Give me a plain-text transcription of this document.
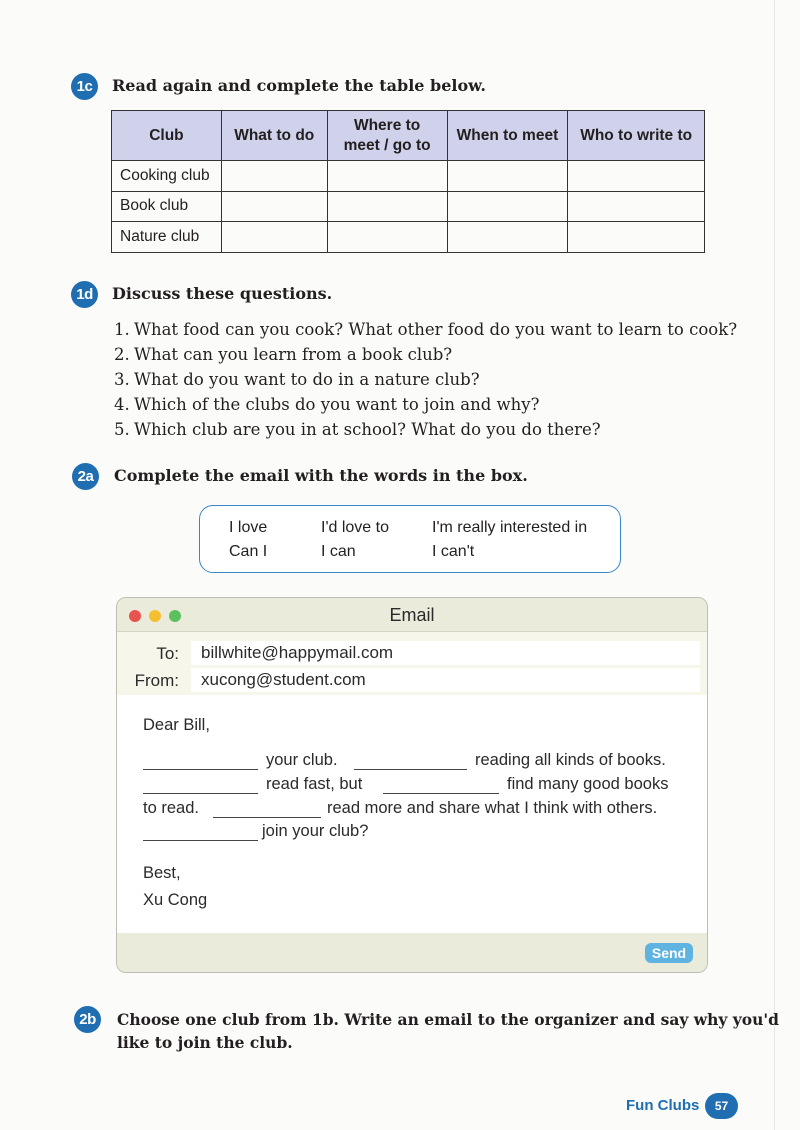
1c	Read again and complete the table below.
Club	What to do	Where to meet / go to	When to meet	Who to write to
Cooking club				
Book club				
Nature club				
1d	Discuss these questions.
1. What food can you cook? What other food do you want to learn to cook?
2. What can you learn from a book club?
3. What do you want to do in a nature club?
4. Which of the clubs do you want to join and why?
5. Which club are you in at school? What do you do there?
2a	Complete the email with the words in the box.
I love	I'd love to	I'm really interested in
Can I	I can	I can't
Email
To:	billwhite@happymail.com
From:	xucong@student.com
Dear Bill,
your club.	reading all kinds of books.
read fast, but	find many good books
to read.	read more and share what I think with others.
join your club?
Best,
Xu Cong
Send
2b	Choose one club from 1b. Write an email to the organizer and say why you'd
like to join the club.
Fun Clubs	57
